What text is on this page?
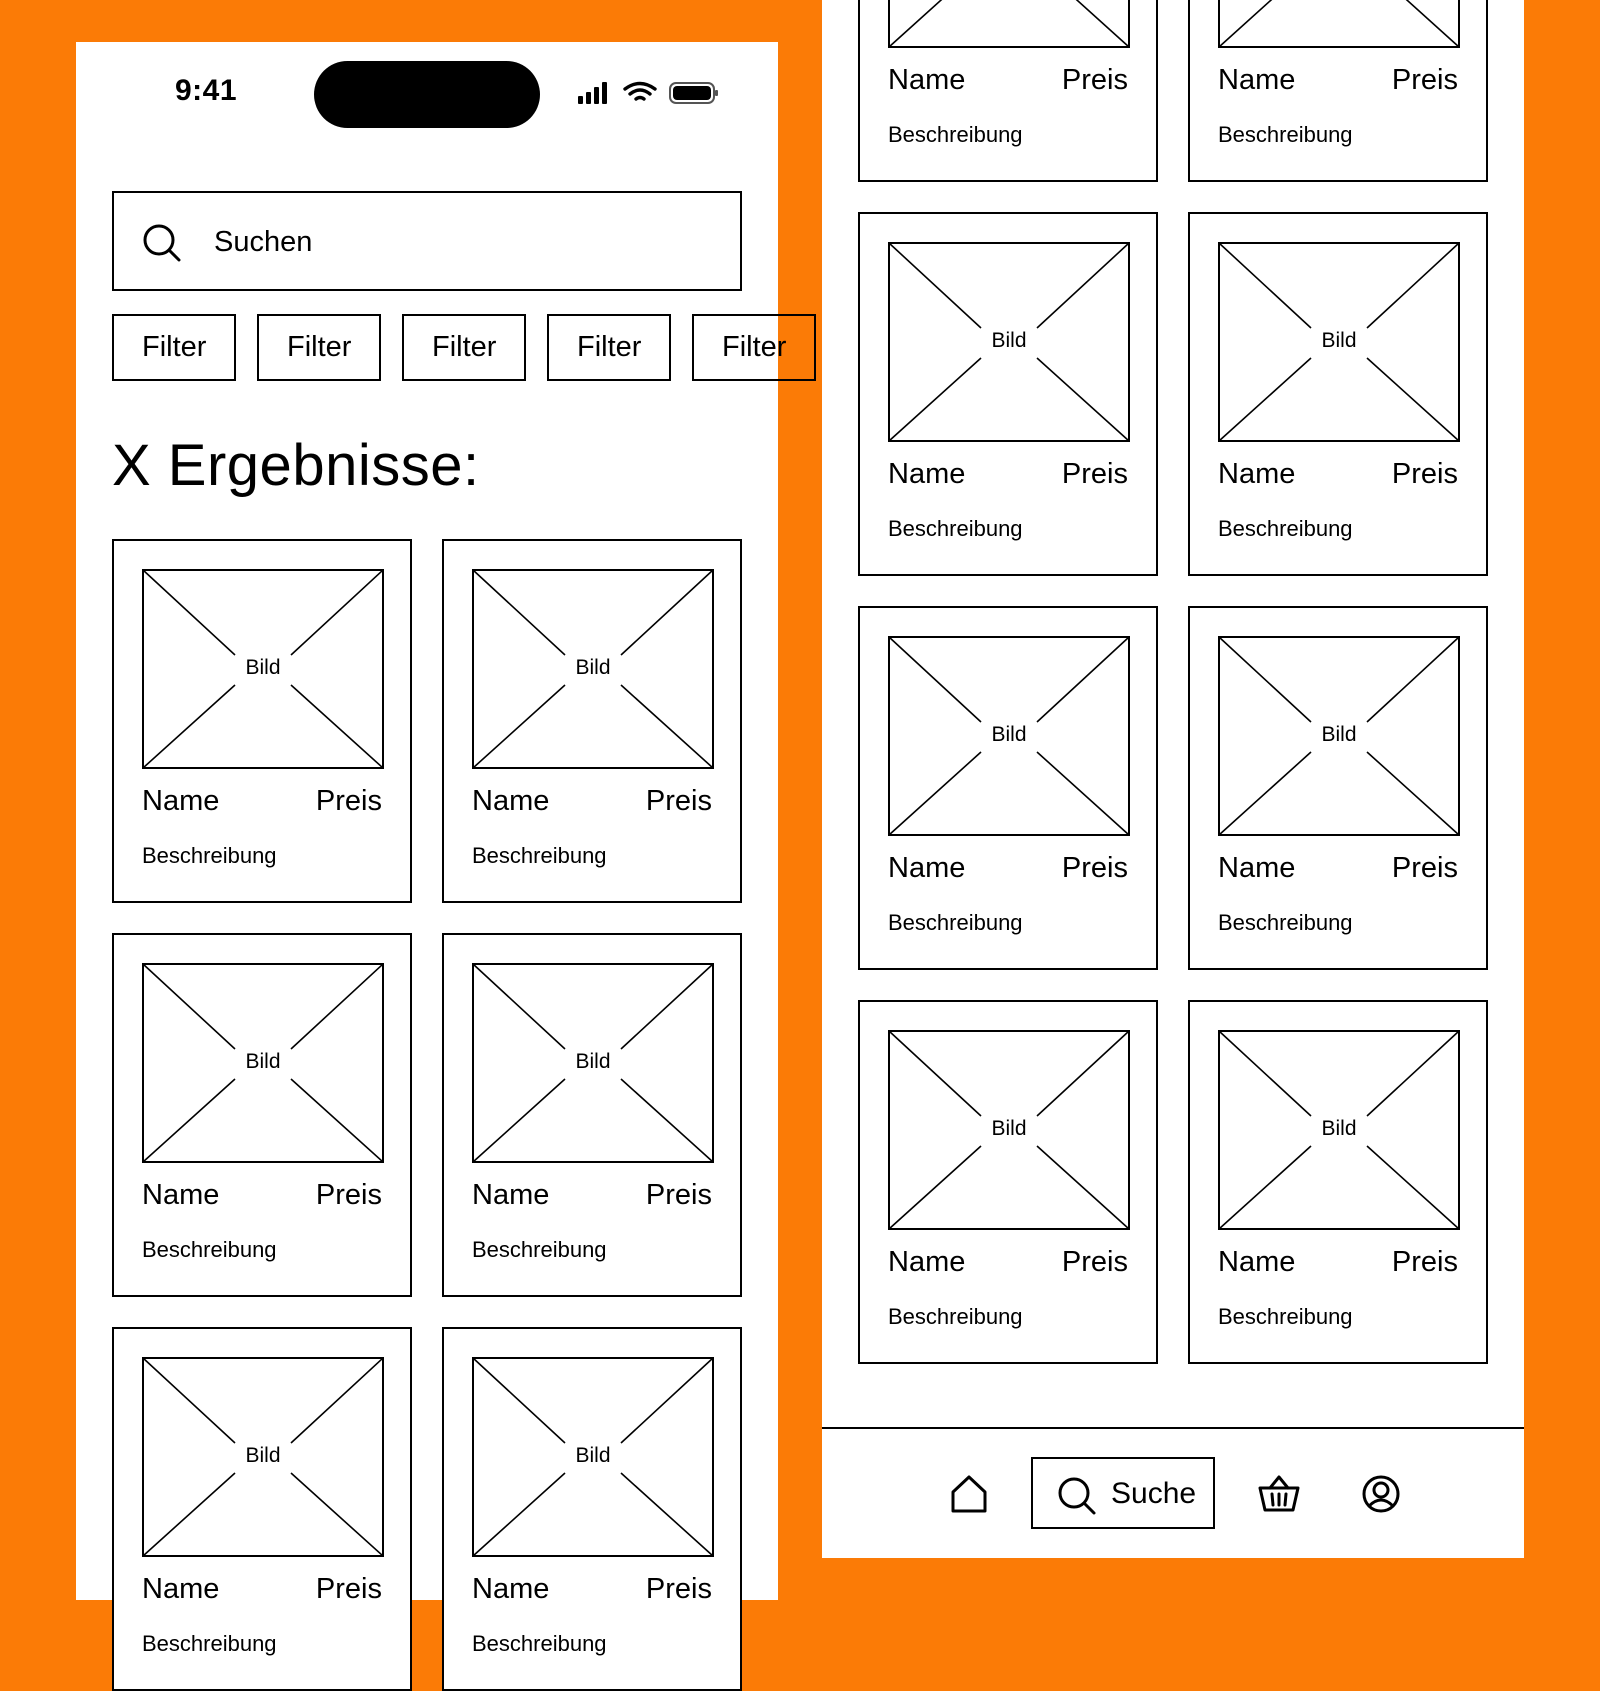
9:41
Suchen
Filter	Filter	Filter	Filter	Filter
X Ergebnisse:
Bild
Name	Preis
Beschreibung
Bild
Name	Preis
Beschreibung
Bild
Name	Preis
Beschreibung
Bild
Name	Preis
Beschreibung
Bild
Name	Preis
Beschreibung
Bild
Name	Preis
Beschreibung
Name	Preis
Beschreibung
Name	Preis
Beschreibung
Bild
Name	Preis
Beschreibung
Bild
Name	Preis
Beschreibung
Bild
Name	Preis
Beschreibung
Bild
Name	Preis
Beschreibung
Bild
Name	Preis
Beschreibung
Bild
Name	Preis
Beschreibung
Suche
